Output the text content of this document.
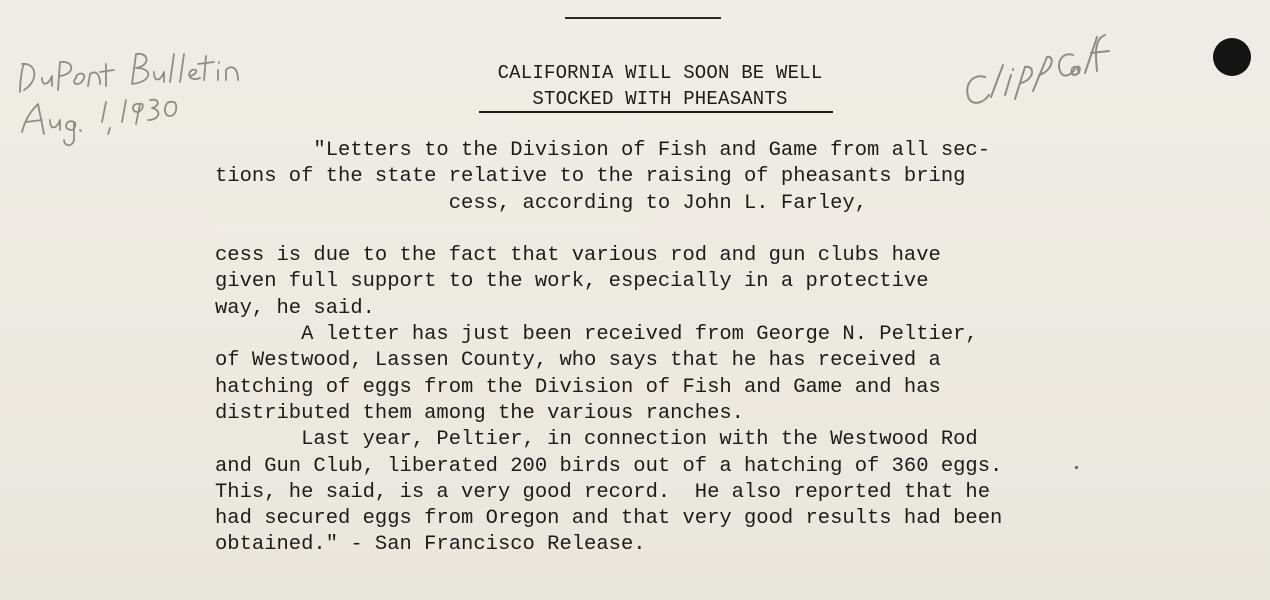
CALIFORNIA WILL SOON BE WELL
STOCKED WITH PHEASANTS
"Letters to the Division of Fish and Game from all sec-
tions of the state relative to the raising of pheasants bring
cess, according to John L. Farley,

cess is due to the fact that various rod and gun clubs have
given full support to the work, especially in a protective
way, he said.
A letter has just been received from George N. Peltier,
of Westwood, Lassen County, who says that he has received a
hatching of eggs from the Division of Fish and Game and has
distributed them among the various ranches.
Last year, Peltier, in connection with the Westwood Rod
and Gun Club, liberated 200 birds out of a hatching of 360 eggs.
This, he said, is a very good record.  He also reported that he
had secured eggs from Oregon and that very good results had been
obtained." - San Francisco Release.
